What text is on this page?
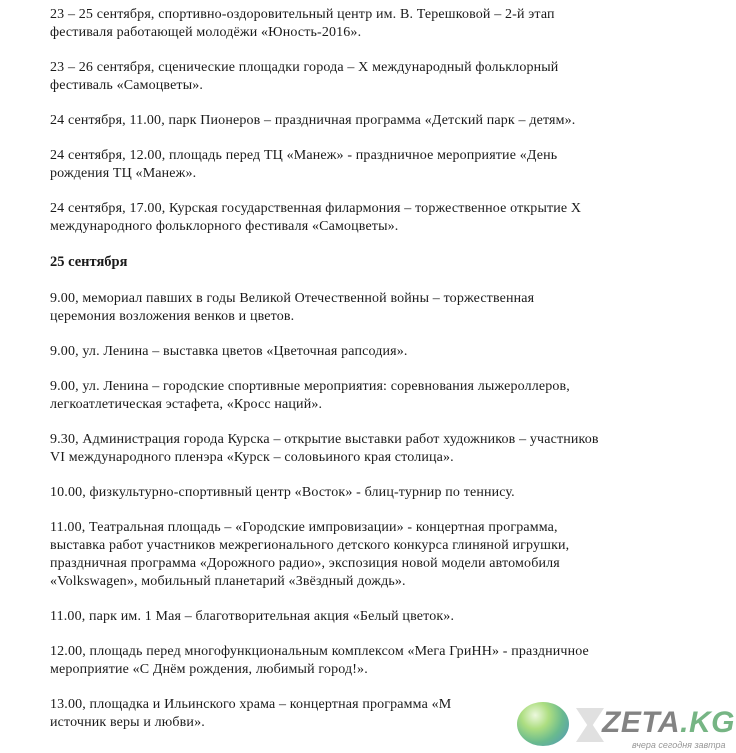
23 – 25 сентября, спортивно-оздоровительный центр им. В. Терешковой – 2-й этап
фестиваля работающей молодёжи «Юность-2016».
23 – 26 сентября, сценические площадки города – X международный фольклорный
фестиваль «Самоцветы».
24 сентября, 11.00, парк Пионеров – праздничная программа «Детский парк – детям».
24 сентября, 12.00, площадь перед ТЦ «Манеж» - праздничное мероприятие «День
рождения ТЦ «Манеж».
24 сентября, 17.00, Курская государственная филармония – торжественное открытие X
международного фольклорного фестиваля «Самоцветы».
25 сентября
9.00, мемориал павших в годы Великой Отечественной войны – торжественная
церемония возложения венков и цветов.
9.00, ул. Ленина – выставка цветов «Цветочная рапсодия».
9.00, ул. Ленина – городские спортивные мероприятия: соревнования лыжероллеров,
легкоатлетическая эстафета, «Кросс наций».
9.30, Администрация города Курска – открытие выставки работ художников – участников
VI международного пленэра «Курск – соловьиного края столица».
10.00, физкультурно-спортивный центр «Восток» - блиц-турнир по теннису.
11.00, Театральная площадь – «Городские импровизации» - концертная программа,
выставка работ участников межрегионального детского конкурса глиняной игрушки,
праздничная программа «Дорожного радио», экспозиция новой модели автомобиля
«Volkswagen», мобильный планетарий «Звёздный дождь».
11.00, парк им. 1 Мая – благотворительная акция «Белый цветок».
12.00, площадь перед многофункциональным комплексом «Мега ГриНН» - праздничное
мероприятие «С Днём рождения, любимый город!».
13.00, площадка и Ильинского храма – концертная программа «М
источник веры и любви».	ZETA.KG
вчера сегодня завтра
